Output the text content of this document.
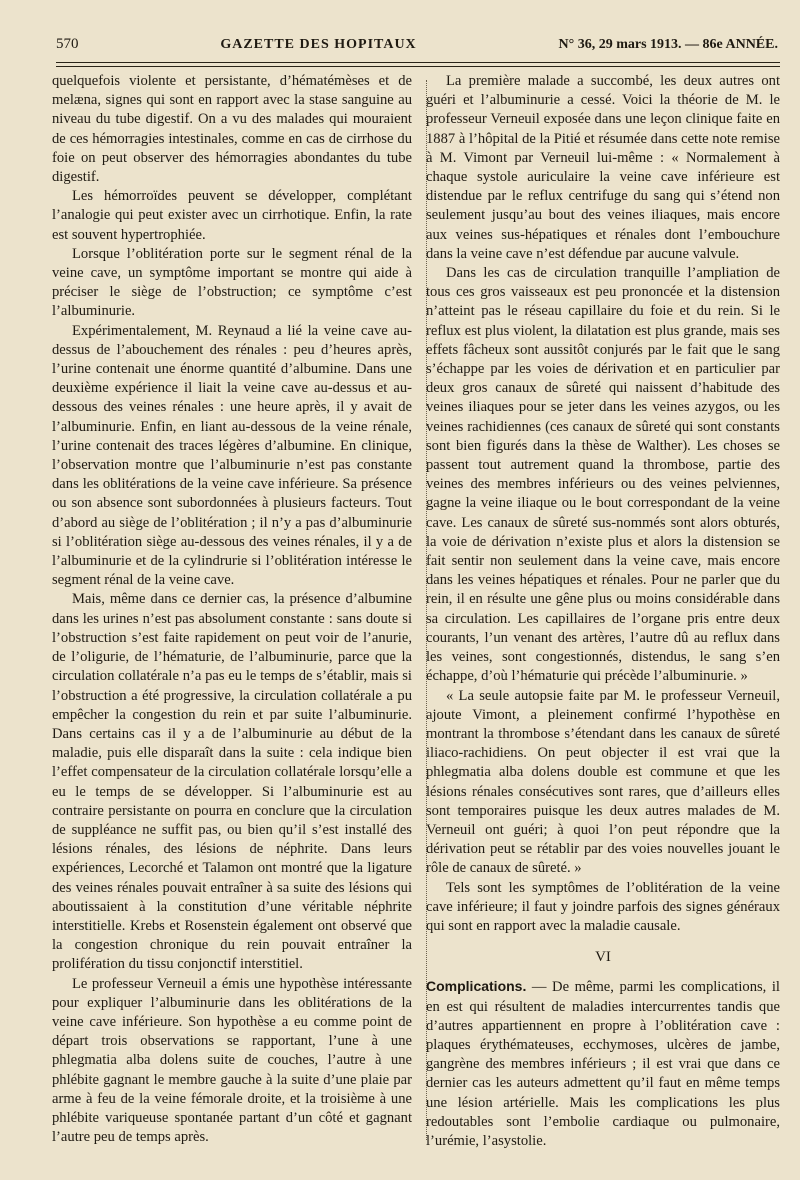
570	GAZETTE DES HOPITAUX	N° 36, 29 mars 1913. — 86e ANNÉE.

quelquefois violente et persistante, d’hématémèses et de melæna, signes qui sont en rapport avec la stase sanguine au niveau du tube digestif. On a vu des malades qui mouraient de ces hémorragies intestinales, comme en cas de cirrhose du foie on peut observer des hémorragies abondantes du tube digestif.

Les hémorroïdes peuvent se développer, complétant l’analogie qui peut exister avec un cirrhotique. Enfin, la rate est souvent hypertrophiée.

Lorsque l’oblitération porte sur le segment rénal de la veine cave, un symptôme important se montre qui aide à préciser le siège de l’obstruction; ce symptôme c’est l’albuminurie.

Expérimentalement, M. Reynaud a lié la veine cave au-dessus de l’abouchement des rénales : peu d’heures après, l’urine contenait une énorme quantité d’albumine. Dans une deuxième expérience il liait la veine cave au-dessus et au-dessous des veines rénales : une heure après, il y avait de l’albuminurie. Enfin, en liant au-dessous de la veine rénale, l’urine contenait des traces légères d’albumine. En clinique, l’observation montre que l’albuminurie n’est pas constante dans les oblitérations de la veine cave inférieure. Sa présence ou son absence sont subordonnées à plusieurs facteurs. Tout d’abord au siège de l’oblitération ; il n’y a pas d’albuminurie si l’oblitération siège au-dessous des veines rénales, il y a de l’albuminurie et de la cylindrurie si l’oblitération intéresse le segment rénal de la veine cave.

Mais, même dans ce dernier cas, la présence d’albumine dans les urines n’est pas absolument constante : sans doute si l’obstruction s’est faite rapidement on peut voir de l’anurie, de l’oligurie, de l’hématurie, de l’albuminurie, parce que la circulation collatérale n’a pas eu le temps de s’établir, mais si l’obstruction a été progressive, la circulation collatérale a pu empêcher la congestion du rein et par suite l’albuminurie. Dans certains cas il y a de l’albuminurie au début de la maladie, puis elle disparaît dans la suite : cela indique bien l’effet compensateur de la circulation collatérale lorsqu’elle a eu le temps de se développer. Si l’albuminurie est au contraire persistante on pourra en conclure que la circulation de suppléance ne suffit pas, ou bien qu’il s’est installé des lésions rénales, des lésions de néphrite. Dans leurs expériences, Lecorché et Talamon ont montré que la ligature des veines rénales pouvait entraîner à sa suite des lésions qui aboutissaient à la constitution d’une véritable néphrite interstitielle. Krebs et Rosenstein également ont observé que la congestion chronique du rein pouvait entraîner la prolifération du tissu conjonctif interstitiel.

Le professeur Verneuil a émis une hypothèse intéressante pour expliquer l’albuminurie dans les oblitérations de la veine cave inférieure. Son hypothèse a eu comme point de départ trois observations se rapportant, l’une à une phlegmatia alba dolens suite de couches, l’autre à une phlébite gagnant le membre gauche à la suite d’une plaie par arme à feu de la veine fémorale droite, et la troisième à une phlébite variqueuse spontanée partant d’un côté et gagnant l’autre peu de temps après.

La première malade a succombé, les deux autres ont guéri et l’albuminurie a cessé. Voici la théorie de M. le professeur Verneuil exposée dans une leçon clinique faite en 1887 à l’hôpital de la Pitié et résumée dans cette note remise à M. Vimont par Verneuil lui-même : « Normalement à chaque systole auriculaire la veine cave inférieure est distendue par le reflux centrifuge du sang qui s’étend non seulement jusqu’au bout des veines iliaques, mais encore aux veines sus-hépatiques et rénales dont l’embouchure dans la veine cave n’est défendue par aucune valvule.

Dans les cas de circulation tranquille l’ampliation de tous ces gros vaisseaux est peu prononcée et la distension n’atteint pas le réseau capillaire du foie et du rein. Si le reflux est plus violent, la dilatation est plus grande, mais ses effets fâcheux sont aussitôt conjurés par le fait que le sang s’échappe par les voies de dérivation et en particulier par deux gros canaux de sûreté qui naissent d’habitude des veines iliaques pour se jeter dans les veines azygos, ou les veines rachidiennes (ces canaux de sûreté qui sont constants sont bien figurés dans la thèse de Walther). Les choses se passent tout autrement quand la thrombose, partie des veines des membres inférieurs ou des veines pelviennes, gagne la veine iliaque ou le bout correspondant de la veine cave. Les canaux de sûreté sus-nommés sont alors obturés, la voie de dérivation n’existe plus et alors la distension se fait sentir non seulement dans la veine cave, mais encore dans les veines hépatiques et rénales. Pour ne parler que du rein, il en résulte une gêne plus ou moins considérable dans sa circulation. Les capillaires de l’organe pris entre deux courants, l’un venant des artères, l’autre dû au reflux dans les veines, sont congestionnés, distendus, le sang s’en échappe, d’où l’hématurie qui précède l’albuminurie. »

« La seule autopsie faite par M. le professeur Verneuil, ajoute Vimont, a pleinement confirmé l’hypothèse en montrant la thrombose s’étendant dans les canaux de sûreté iliaco-rachidiens. On peut objecter il est vrai que la phlegmatia alba dolens double est commune et que les lésions rénales consécutives sont rares, que d’ailleurs elles sont temporaires puisque les deux autres malades de M. Verneuil ont guéri; à quoi l’on peut répondre que la dérivation peut se rétablir par des voies nouvelles jouant le rôle de canaux de sûreté. »

Tels sont les symptômes de l’oblitération de la veine cave inférieure; il faut y joindre parfois des signes généraux qui sont en rapport avec la maladie causale.

VI

Complications. — De même, parmi les complications, il en est qui résultent de maladies intercurrentes tandis que d’autres appartiennent en propre à l’oblitération cave : plaques érythémateuses, ecchymoses, ulcères de jambe, gangrène des membres inférieurs ; il est vrai que dans ce dernier cas les auteurs admettent qu’il faut en même temps une lésion artérielle. Mais les complications les plus redoutables sont l’embolie cardiaque ou pulmonaire, l’urémie, l’asystolie.
